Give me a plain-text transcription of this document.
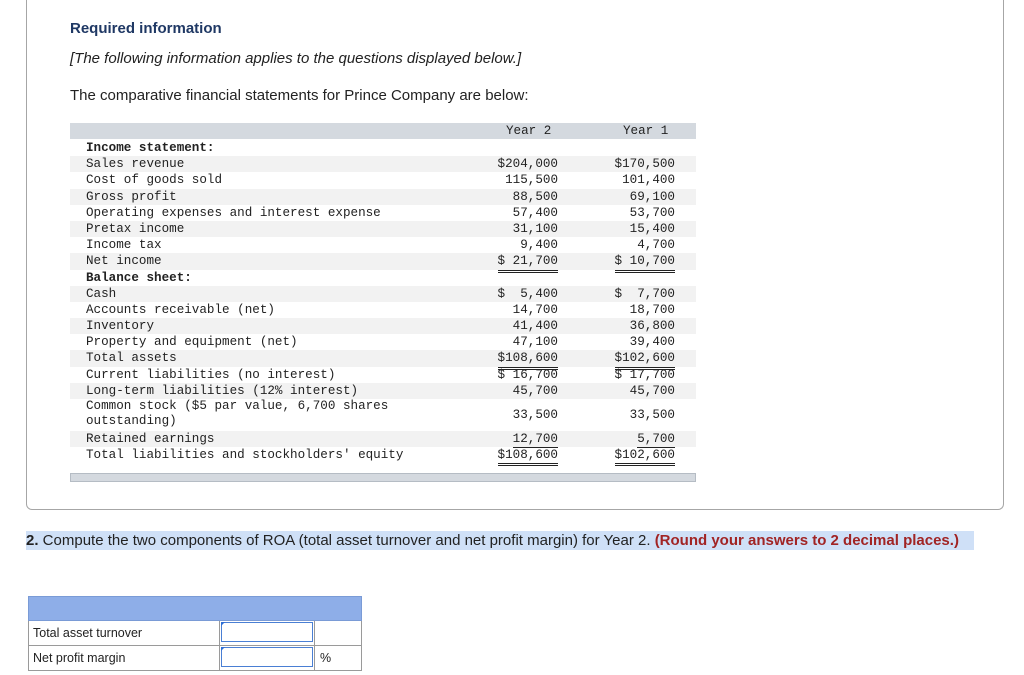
Required information
[The following information applies to the questions displayed below.]
The comparative financial statements for Prince Company are below:
Year 2	Year 1
Income statement:
Sales revenue	$204,000	$170,500
Cost of goods sold	115,500	101,400
Gross profit	88,500	69,100
Operating expenses and interest expense	57,400	53,700
Pretax income	31,100	15,400
Income tax	9,400	4,700
Net income	$ 21,700	$ 10,700
Balance sheet:
Cash	$  5,400	$  7,700
Accounts receivable (net)	14,700	18,700
Inventory	41,400	36,800
Property and equipment (net)	47,100	39,400
Total assets	$108,600	$102,600
Current liabilities (no interest)	$ 16,700	$ 17,700
Long-term liabilities (12% interest)	45,700	45,700
Common stock ($5 par value, 6,700 shares
outstanding)	33,500	33,500
Retained earnings	12,700	5,700
Total liabilities and stockholders' equity	$108,600	$102,600
2. Compute the two components of ROA (total asset turnover and net profit margin) for Year 2. (Round your answers to 2 decimal places.)
Total asset turnover
Net profit margin	%
